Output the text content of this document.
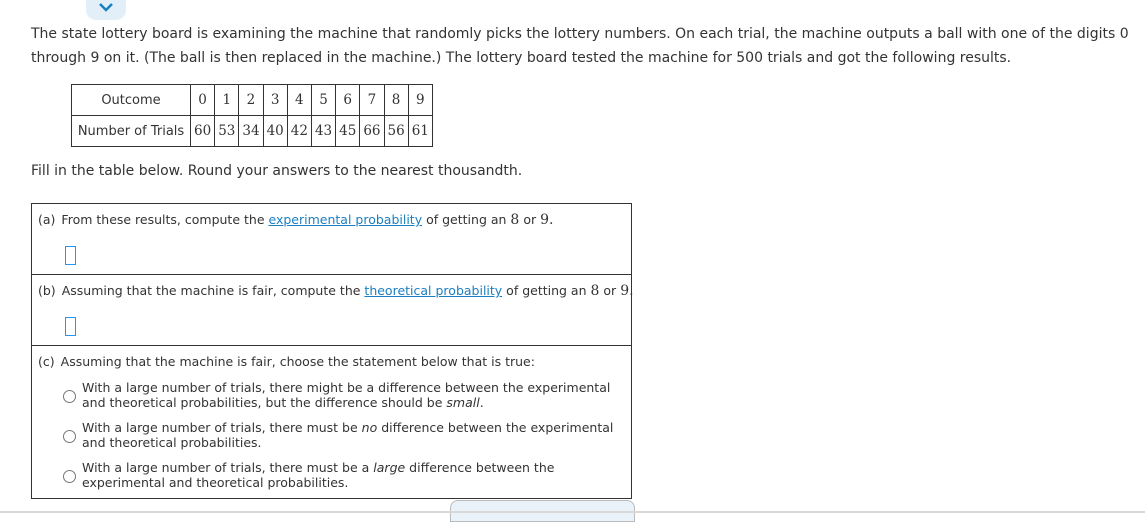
The state lottery board is examining the machine that randomly picks the lottery numbers. On each trial, the machine outputs a ball with one of the digits 0
through 9 on it. (The ball is then replaced in the machine.) The lottery board tested the machine for 500 trials and got the following results.
Outcome	0	1	2	3	4	5	6	7	8	9
Number of Trials	60	53	34	40	42	43	45	66	56	61
Fill in the table below. Round your answers to the nearest thousandth.
(a) From these results, compute the experimental probability of getting an 8 or 9.
(b) Assuming that the machine is fair, compute the theoretical probability of getting an 8 or 9.
(c) Assuming that the machine is fair, choose the statement below that is true:
With a large number of trials, there might be a difference between the experimental
and theoretical probabilities, but the difference should be small.
With a large number of trials, there must be no difference between the experimental
and theoretical probabilities.
With a large number of trials, there must be a large difference between the
experimental and theoretical probabilities.
